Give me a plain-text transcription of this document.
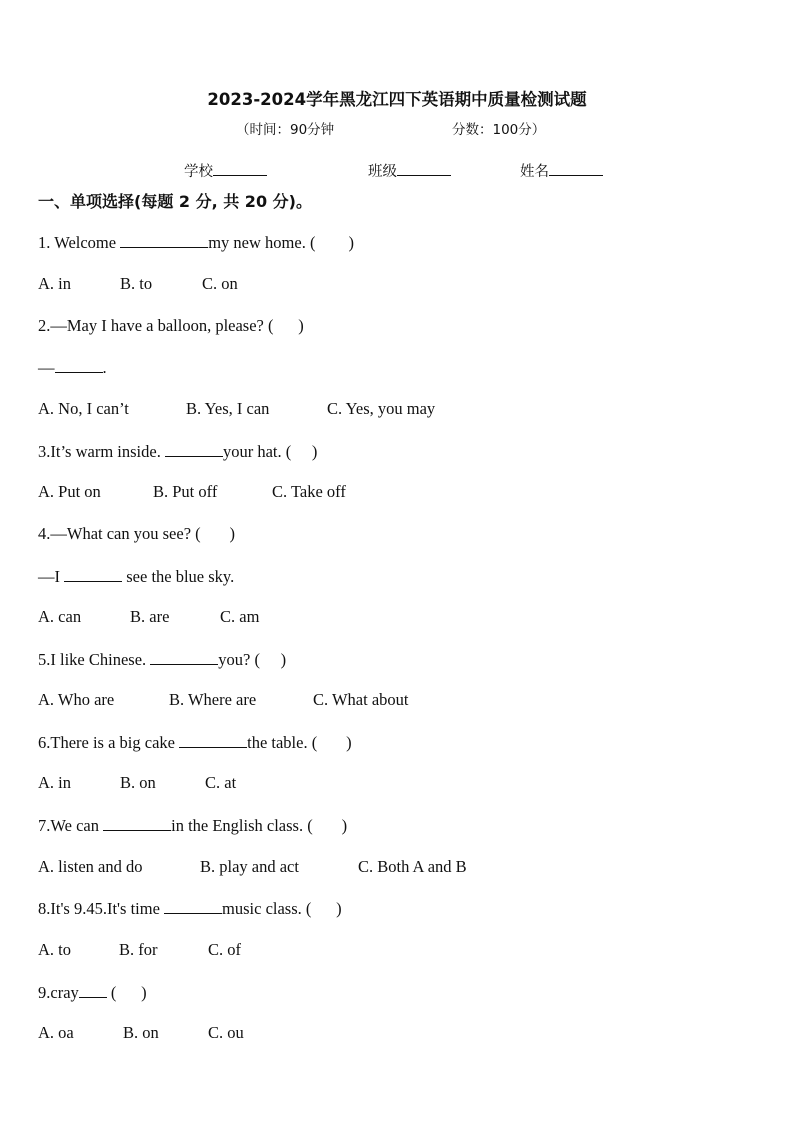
2023-2024学年黑龙江四下英语期中质量检测试题
（时间：90分钟	分数：100分）
学校	班级	姓名
一、单项选择(每题 2 分, 共 20 分)。
1. Welcome	my new home. (        )
A. in	B. to	C. on
2.—May I have a balloon, please? (      )
—	.
A. No, I can’t	B. Yes, I can	C. Yes, you may
3.It’s warm inside.	your hat. (     )
A. Put on	B. Put off	C. Take off
4.—What can you see? (       )
—I	see the blue sky.
A. can	B. are	C. am
5.I like Chinese.	you? (     )
A. Who are	B. Where are	C. What about
6.There is a big cake	the table. (       )
A. in	B. on	C. at
7.We can	in the English class. (       )
A. listen and do	B. play and act	C. Both A and B
8.It's 9.45.It's time	music class. (      )
A. to	B. for	C. of
9.cray (      )
A. oa	B. on	C. ou
